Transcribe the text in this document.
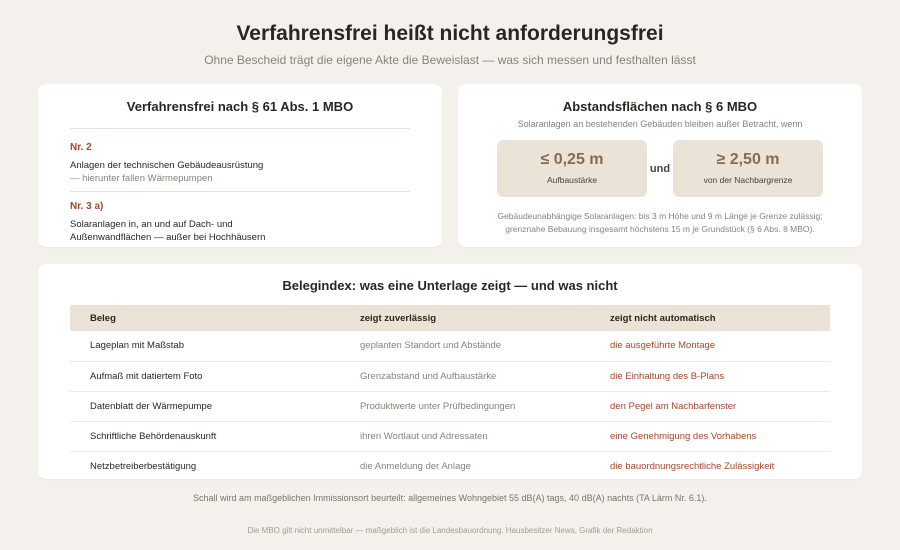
Verfahrensfrei heißt nicht anforderungsfrei
Ohne Bescheid trägt die eigene Akte die Beweislast — was sich messen und festhalten lässt
Verfahrensfrei nach § 61 Abs. 1 MBO
Nr. 2
Anlagen der technischen Gebäudeausrüstung
— hierunter fallen Wärmepumpen
Nr. 3 a)
Solaranlagen in, an und auf Dach- und
Außenwandflächen — außer bei Hochhäusern
Abstandsflächen nach § 6 MBO
Solaranlagen an bestehenden Gebäuden bleiben außer Betracht, wenn
≤ 0,25 m
Aufbaustärke
und
≥ 2,50 m
von der Nachbargrenze
Gebäudeunabhängige Solaranlagen: bis 3 m Höhe und 9 m Länge je Grenze zulässig;
grenznahe Bebauung insgesamt höchstens 15 m je Grundstück (§ 6 Abs. 8 MBO).
Belegindex: was eine Unterlage zeigt — und was nicht
Beleg	zeigt zuverlässig	zeigt nicht automatisch
Lageplan mit Maßstab	geplanten Standort und Abstände	die ausgeführte Montage
Aufmaß mit datiertem Foto	Grenzabstand und Aufbaustärke	die Einhaltung des B-Plans
Datenblatt der Wärmepumpe	Produktwerte unter Prüfbedingungen	den Pegel am Nachbarfenster
Schriftliche Behördenauskunft	ihren Wortlaut und Adressaten	eine Genehmigung des Vorhabens
Netzbetreiberbestätigung	die Anmeldung der Anlage	die bauordnungsrechtliche Zulässigkeit
Schall wird am maßgeblichen Immissionsort beurteilt: allgemeines Wohngebiet 55 dB(A) tags, 40 dB(A) nachts (TA Lärm Nr. 6.1).
Die MBO gilt nicht unmittelbar — maßgeblich ist die Landesbauordnung. Hausbesitzer News, Grafik der Redaktion
